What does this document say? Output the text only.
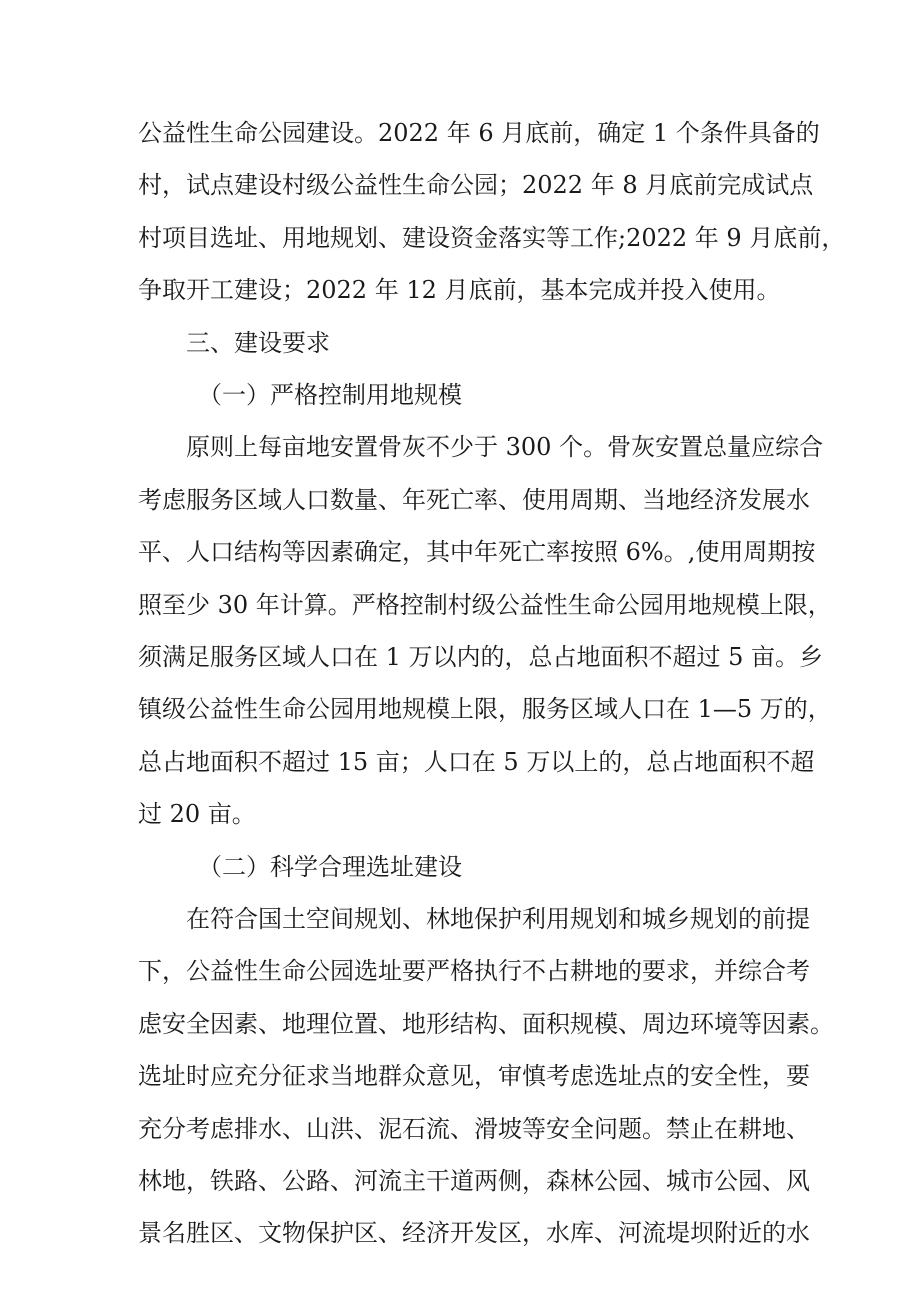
公益性生命公园建设。2022 年 6 月底前，确定 1 个条件具备的
村，试点建设村级公益性生命公园；2022 年 8 月底前完成试点
村项目选址、用地规划、建设资金落实等工作;2022 年 9 月底前，
争取开工建设；2022 年 12 月底前，基本完成并投入使用。
三、建设要求
（一）严格控制用地规模
原则上每亩地安置骨灰不少于 300 个。骨灰安置总量应综合
考虑服务区域人口数量、年死亡率、使用周期、当地经济发展水
平、人口结构等因素确定，其中年死亡率按照 6%。,使用周期按
照至少 30 年计算。严格控制村级公益性生命公园用地规模上限，
须满足服务区域人口在 1 万以内的，总占地面积不超过 5 亩。乡
镇级公益性生命公园用地规模上限，服务区域人口在 1—5 万的，
总占地面积不超过 15 亩；人口在 5 万以上的，总占地面积不超
过 20 亩。
（二）科学合理选址建设
在符合国土空间规划、林地保护利用规划和城乡规划的前提
下，公益性生命公园选址要严格执行不占耕地的要求，并综合考
虑安全因素、地理位置、地形结构、面积规模、周边环境等因素。
选址时应充分征求当地群众意见，审慎考虑选址点的安全性，要
充分考虑排水、山洪、泥石流、滑坡等安全问题。禁止在耕地、
林地，铁路、公路、河流主干道两侧，森林公园、城市公园、风
景名胜区、文物保护区、经济开发区，水库、河流堤坝附近的水
